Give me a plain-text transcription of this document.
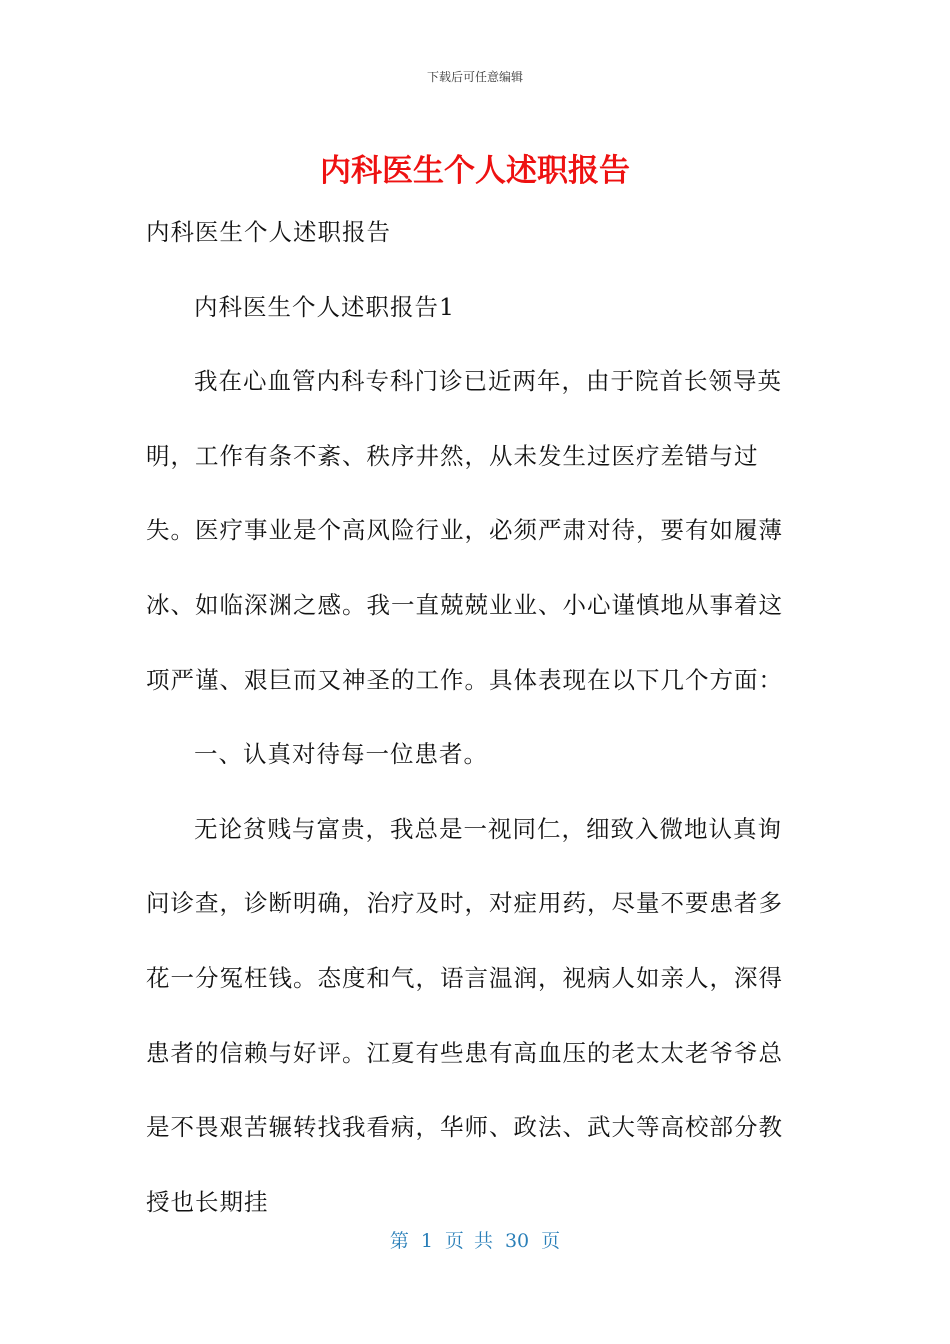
下载后可任意编辑
内科医生个人述职报告

内科医生个人述职报告

内科医生个人述职报告1

我在心血管内科专科门诊已近两年，由于院首长领导英明，工作有条不紊、秩序井然，从未发生过医疗差错与过失。医疗事业是个高风险行业，必须严肃对待，要有如履薄冰、如临深渊之感。我一直兢兢业业、小心谨慎地从事着这项严谨、艰巨而又神圣的工作。具体表现在以下几个方面：

一、认真对待每一位患者。

无论贫贱与富贵，我总是一视同仁，细致入微地认真询问诊查，诊断明确，治疗及时，对症用药，尽量不要患者多花一分冤枉钱。态度和气，语言温润，视病人如亲人，深得患者的信赖与好评。江夏有些患有高血压的老太太老爷爷总是不畏艰苦辗转找我看病，华师、政法、武大等高校部分教授也长期挂

第 1 页 共 30 页
